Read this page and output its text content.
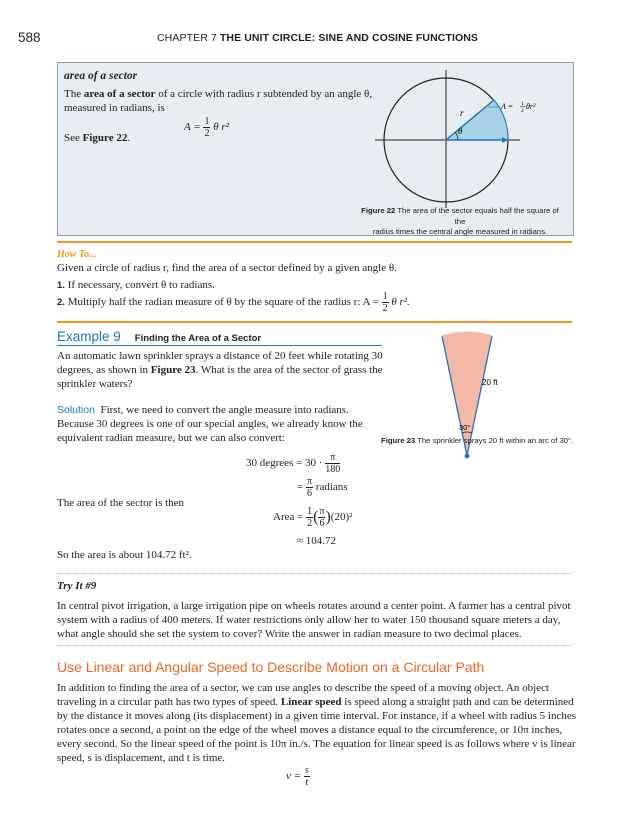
588	CHAPTER 7 THE UNIT CIRCLE: SINE AND COSINE FUNCTIONS
area of a sector
The area of a sector of a circle with radius r subtended by an angle θ,
measured in radians, is
$A = \frac{1}{2}$ θ r²
See Figure 22.
r
θ
A = 1
2 θr²
Figure 22 The area of the sector equals half the square of the
radius times the central angle measured in radians.
How To...
Given a circle of radius r, find the area of a sector defined by a given angle θ.
1. If necessary, convert θ to radians.
2. Multiply half the radian measure of θ by the square of the radius r: $A = \frac{1}{2}$ θ r².
Example 9 Finding the Area of a Sector
An automatic lawn sprinkler sprays a distance of 20 feet while rotating 30
degrees, as shown in Figure 23. What is the area of the sector of grass the
sprinkler waters?
Solution First, we need to convert the angle measure into radians.
Because 30 degrees is one of our special angles, we already know the
equivalent radian measure, but we can also convert:
30 degrees = $30 \cdot \frac{\pi}{180}$
= $\frac{\pi}{6}$ radians
The area of the sector is then
Area = $\frac{1}{2}$ ( $\frac{\pi}{6} )(20)^2$
≈ 104.72
So the area is about 104.72 ft².
20 ft
30°
Figure 23 The sprinkler sprays 20 ft within an arc of 30°.
Try It #9
In central pivot irrigation, a large irrigation pipe on wheels rotates around a center point. A farmer has a central pivot
system with a radius of 400 meters. If water restrictions only allow her to water 150 thousand square meters a day,
what angle should she set the system to cover? Write the answer in radian measure to two decimal places.
Use Linear and Angular Speed to Describe Motion on a Circular Path
In addition to finding the area of a sector, we can use angles to describe the speed of a moving object. An object
traveling in a circular path has two types of speed. Linear speed is speed along a straight path and can be determined
by the distance it moves along (its displacement) in a given time interval. For instance, if a wheel with radius 5 inches
rotates once a second, a point on the edge of the wheel moves a distance equal to the circumference, or 10π inches,
every second. So the linear speed of the point is 10π in./s. The equation for linear speed is as follows where v is linear
speed, s is displacement, and t is time.
$v = \frac{s}{t}$
